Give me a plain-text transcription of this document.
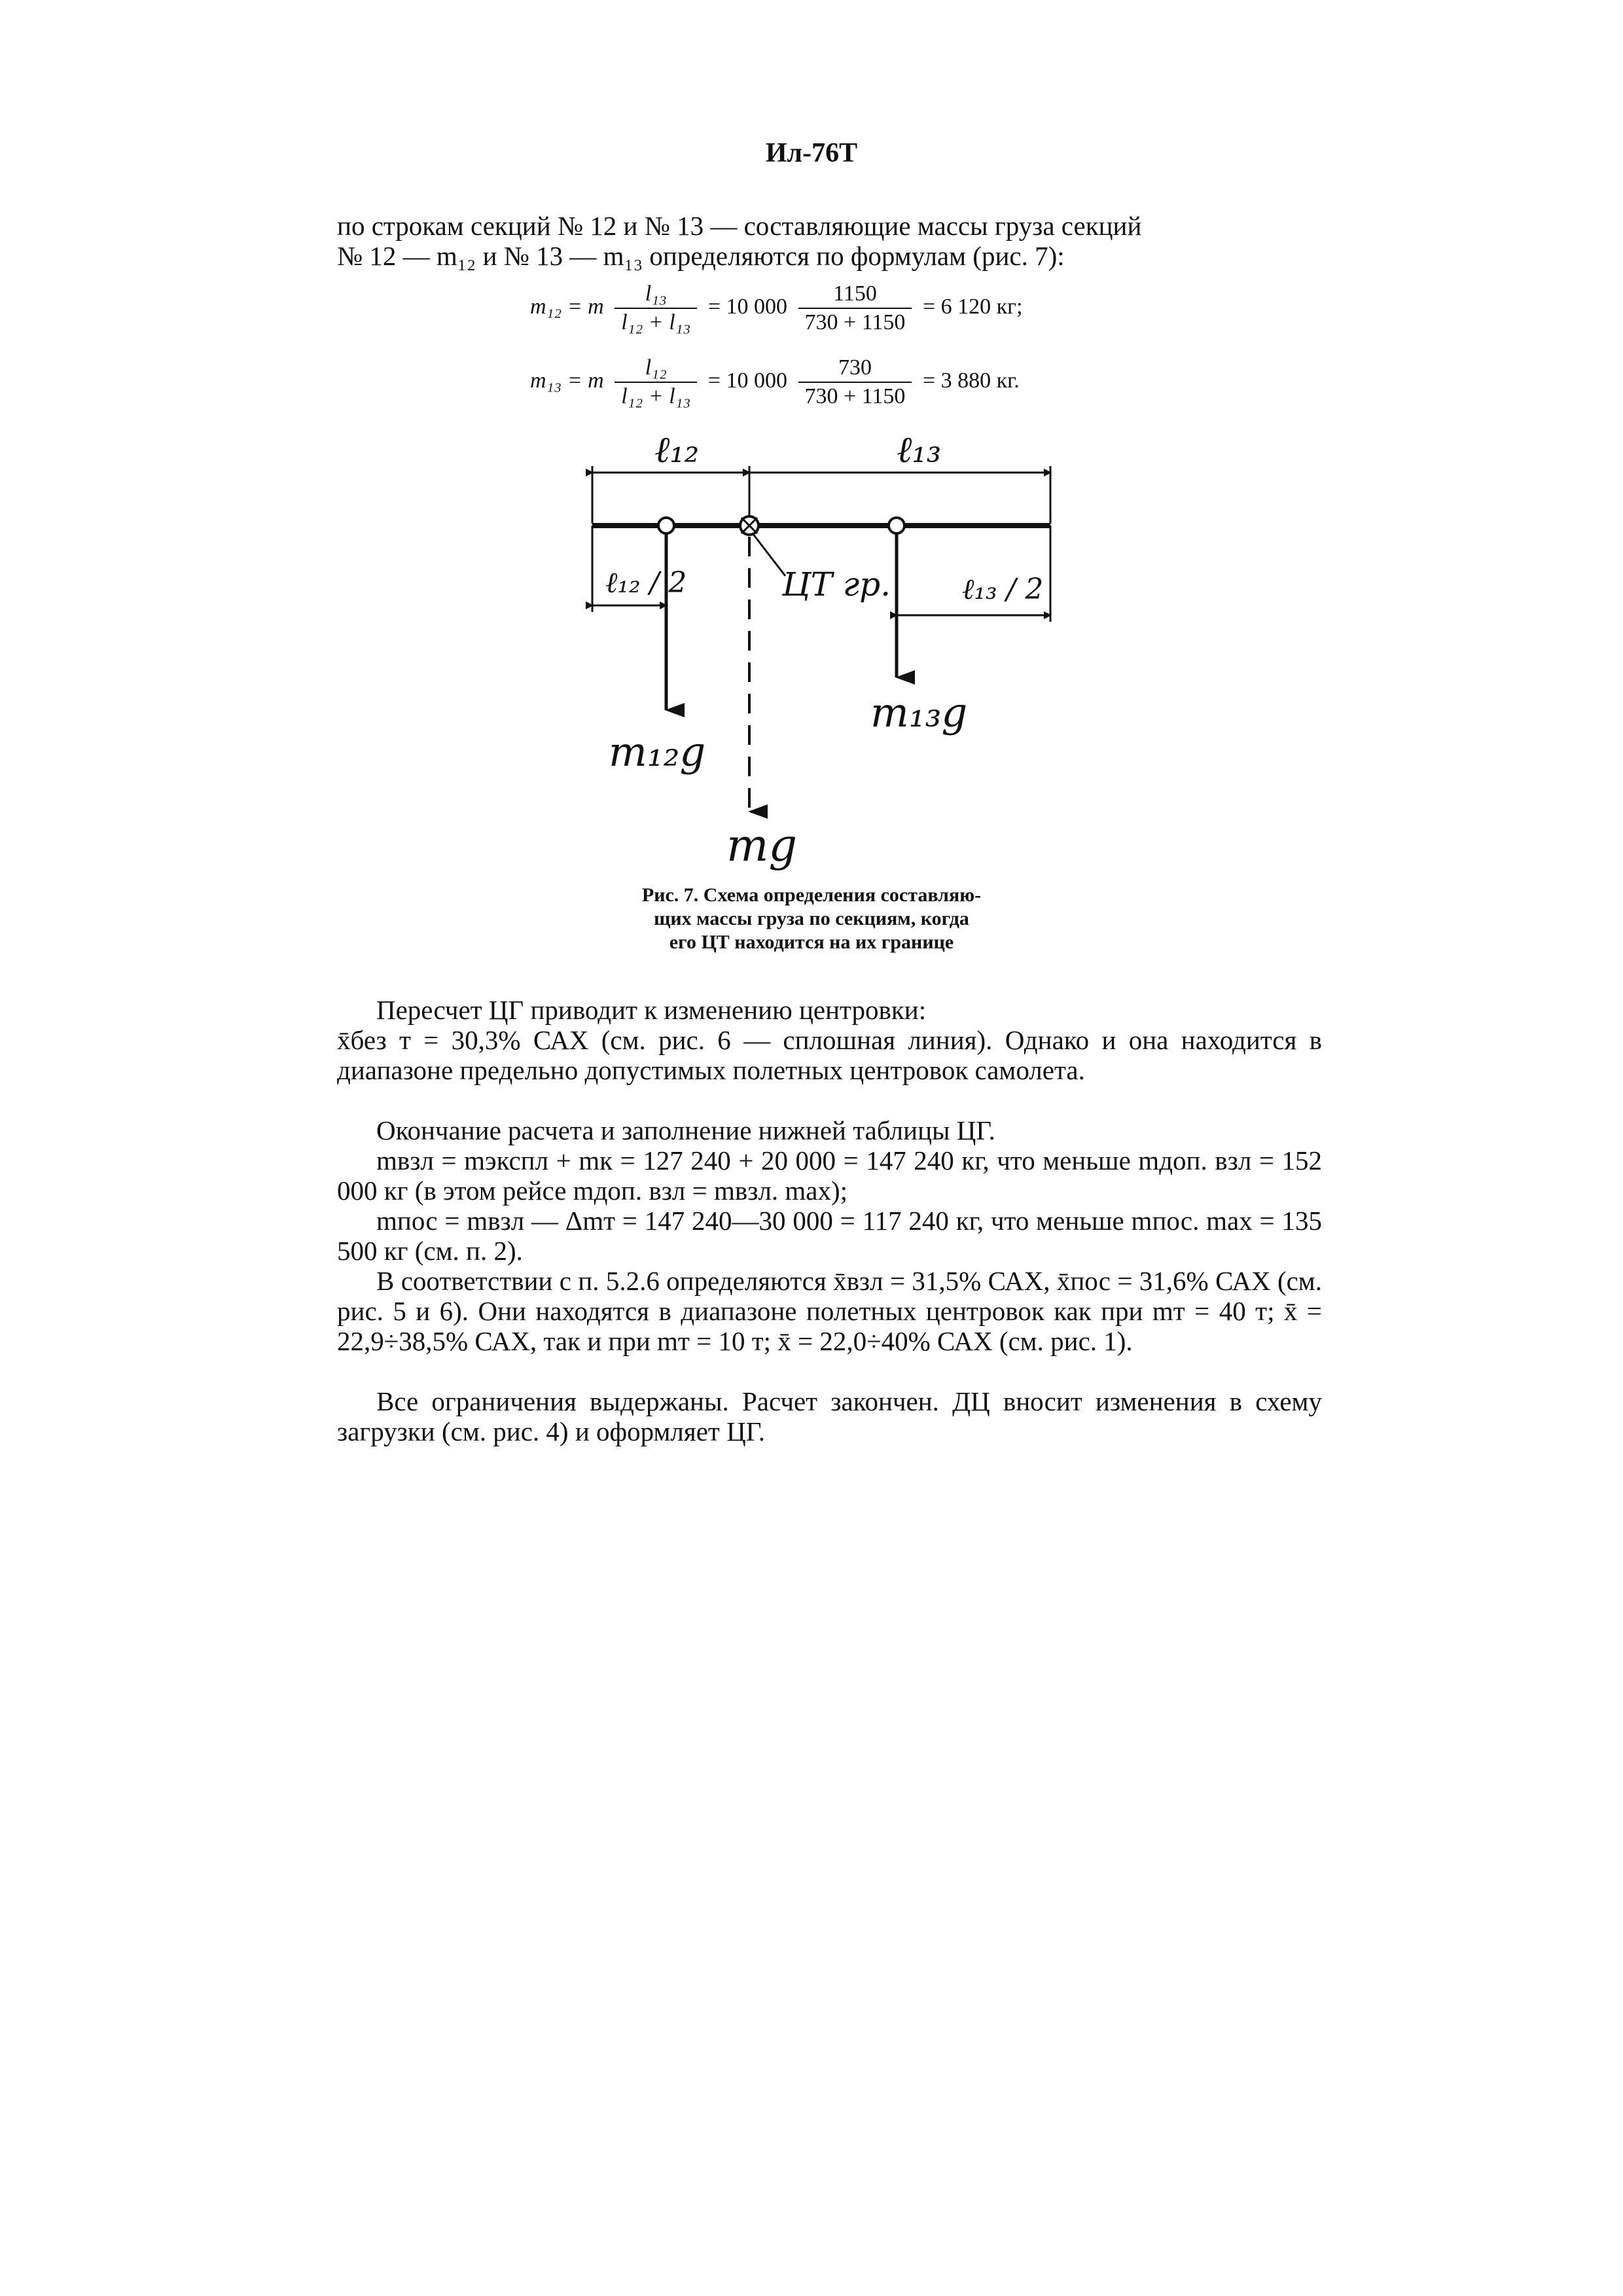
Ил-76Т
по строкам секций № 12 и № 13 — составляющие массы груза секций
№ 12 — m₁₂ и № 13 — m₁₃ определяются по формулам (рис. 7):
m₁₂ = m $\frac{\text{l₁₃}}{\text{l₁₂ + l₁₃}} = 10$ $000 \frac{1150}{730 + 1150} = 6$ 120 кг;
m₁₃ = m $\frac{\text{l₁₂}}{\text{l₁₂ + l₁₃}} = 10$ $000 \frac{730}{730 + 1150} = 3$ 880 кг.
ℓ₁₂	ℓ₁₃
ℓ₁₂ / 2	ℓ₁₃ / 2
ЦТ гр.
m₁₂g
m₁₃g
mg
Рис. 7. Схема определения составляю-
щих массы груза по секциям, когда
его ЦТ находится на их границе
Пересчет ЦГ приводит к изменению центровки:
x̄без т = 30,3% САХ (см. рис. 6 — сплошная линия). Однако и она находится в диапазоне предельно допустимых полетных центровок самолета.
Окончание расчета и заполнение нижней таблицы ЦГ.
mвзл = mэкспл + mк = 127 240 + 20 000 = 147 240 кг, что меньше mдоп. взл = 152 000 кг (в этом рейсе mдоп. взл = mвзл. max);
mпос = mвзл — Δmт = 147 240—30 000 = 117 240 кг, что меньше mпос. max = 135 500 кг (см. п. 2).
В соответствии с п. 5.2.6 определяются x̄взл = 31,5% САХ, x̄пос = 31,6% САХ (см. рис. 5 и 6). Они находятся в диапазоне полетных центровок как при mт = 40 т; x̄ = 22,9÷38,5% САХ, так и при mт = 10 т; x̄ = 22,0÷40% САХ (см. рис. 1).
Все ограничения выдержаны. Расчет закончен. ДЦ вносит изменения в схему загрузки (см. рис. 4) и оформляет ЦГ.
